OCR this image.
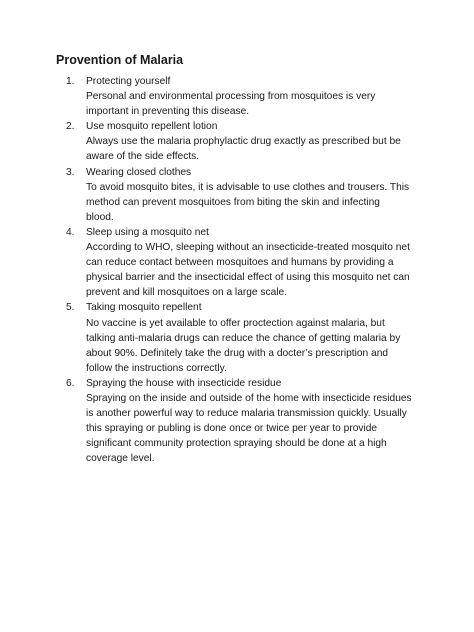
Provention of Malaria
1. Protecting yourself
Personal and environmental processing from mosquitoes is very
important in preventing this disease.
2. Use mosquito repellent lotion
Always use the malaria prophylactic drug exactly as prescribed but be
aware of the side effects.
3. Wearing closed clothes
To avoid mosquito bites, it is advisable to use clothes and trousers. This
method can prevent mosquitoes from biting the skin and infecting
blood.
4. Sleep using a mosquito net
According to WHO, sleeping without an insecticide-treated mosquito net
can reduce contact between mosquitoes and humans by providing a
physical barrier and the insecticidal effect of using this mosquito net can
prevent and kill mosquitoes on a large scale.
5. Taking mosquito repellent
No vaccine is yet available to offer proctection against malaria, but
talking anti-malaria drugs can reduce the chance of getting malaria by
about 90%. Definitely take the drug with a docter’s prescription and
follow the instructions correctly.
6. Spraying the house with insecticide residue
Spraying on the inside and outside of the home with insecticide residues
is another powerful way to reduce malaria transmission quickly. Usually
this spraying or publing is done once or twice per year to provide
significant community protection spraying should be done at a high
coverage level.
